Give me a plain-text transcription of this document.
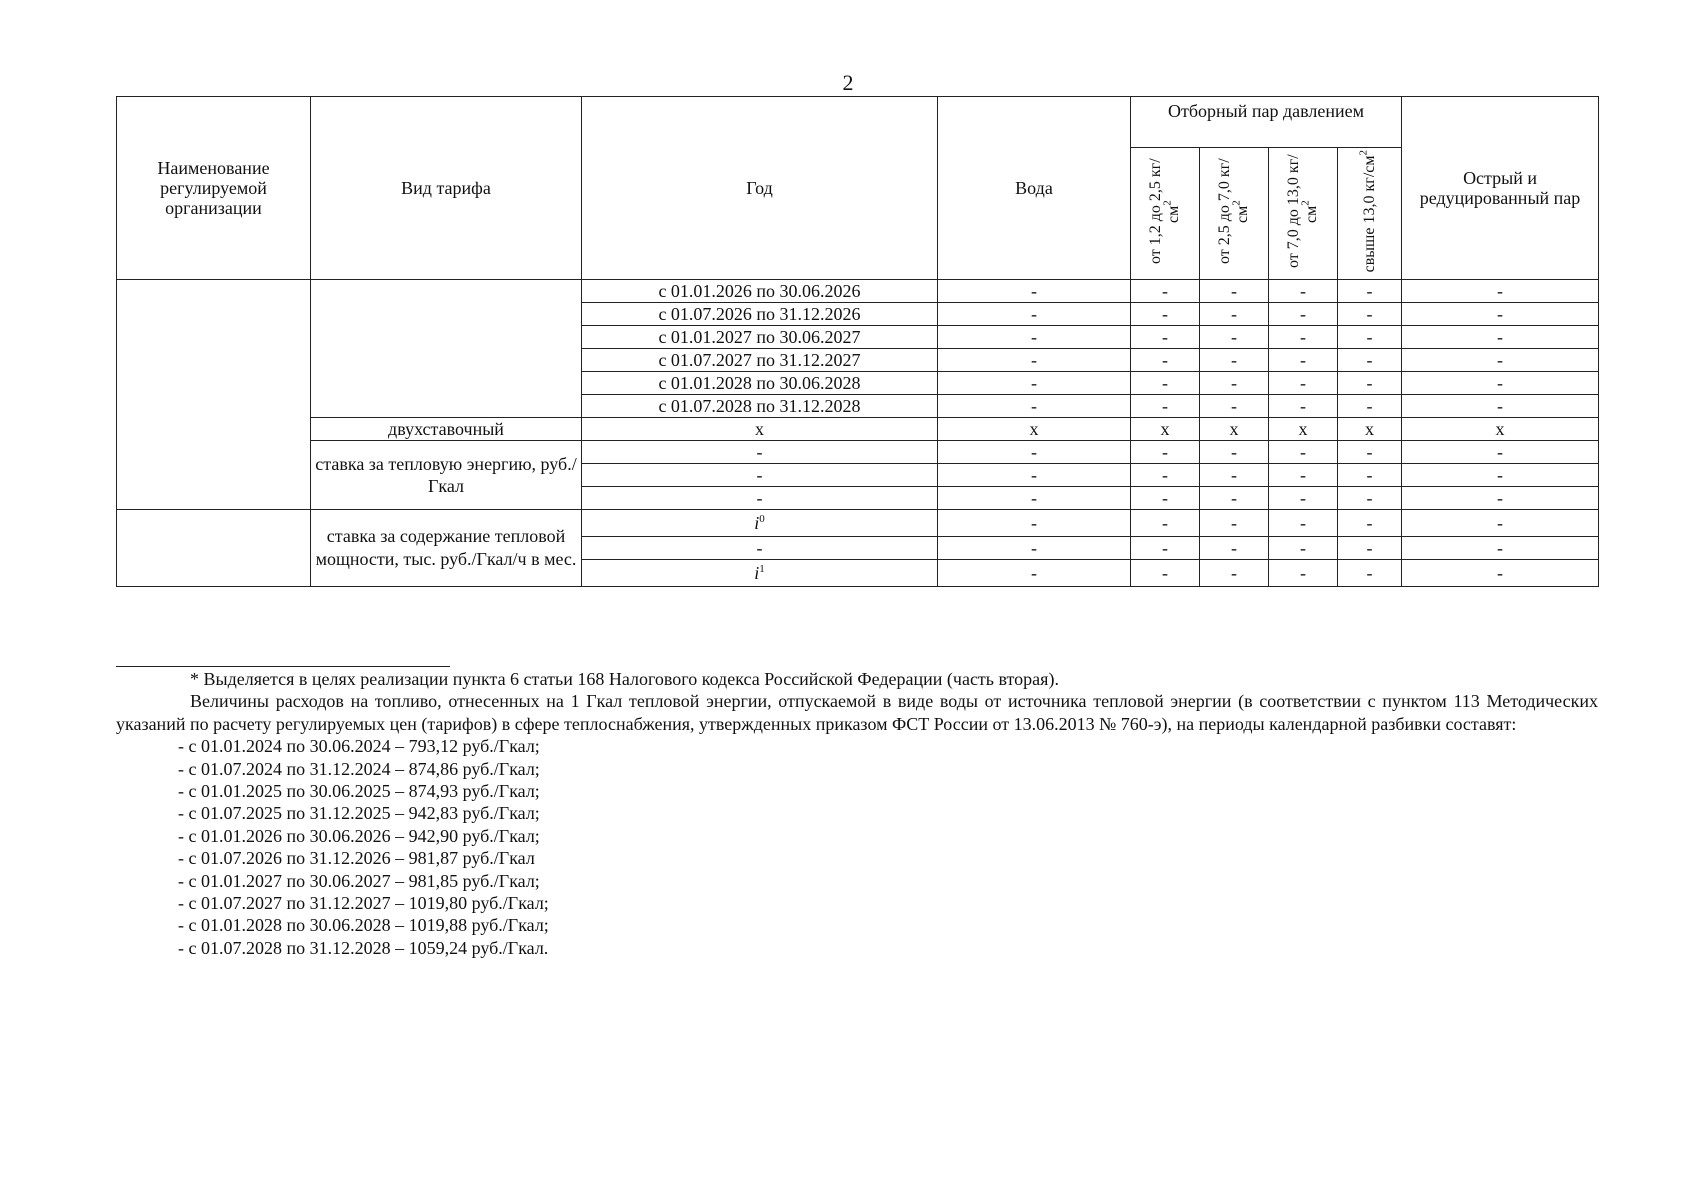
2
Наименование регулируемой организации	Вид тарифа	Год	Вода	Отборный пар давлением				Острый и редуцированный пар
				от 1,2 до 2,5 $кг/см^2$	от 2,5 до 7,0 $кг/см^2$	от 7,0 до 13,0 $кг/см^2$	свыше 13,0 $кг/см^2$
		с 01.01.2026 по 30.06.2026	-	-	-	-	-	-
		с 01.07.2026 по 31.12.2026	-	-	-	-	-	-
		с 01.01.2027 по 30.06.2027	-	-	-	-	-	-
		с 01.07.2027 по 31.12.2027	-	-	-	-	-	-
		с 01.01.2028 по 30.06.2028	-	-	-	-	-	-
		с 01.07.2028 по 31.12.2028	-	-	-	-	-	-
	двухставочный	х	х	х	х	х	х	х
	ставка за тепловую энергию, руб./Гкал	-	-	-	-	-	-	-
		-	-	-	-	-	-	-
		-	-	-	-	-	-	-
	ставка за содержание тепловой мощности, тыс. руб./Гкал/ч в мес.	$i^0$	-	-	-	-	-	-
		-	-	-	-	-	-	-
		$i^1$	-	-	-	-	-	-

* Выделяется в целях реализации пункта 6 статьи 168 Налогового кодекса Российской Федерации (часть вторая).

Величины расходов на топливо, отнесенных на 1 Гкал тепловой энергии, отпускаемой в виде воды от источника тепловой энергии (в соответствии с пунктом 113 Методических указаний по расчету регулируемых цен (тарифов) в сфере теплоснабжения, утвержденных приказом ФСТ России от 13.06.2013 № 760-э), на периоды календарной разбивки составят:

- с 01.01.2024 по 30.06.2024 – 793,12 руб./Гкал;
- с 01.07.2024 по 31.12.2024 – 874,86 руб./Гкал;
- с 01.01.2025 по 30.06.2025 – 874,93 руб./Гкал;
- с 01.07.2025 по 31.12.2025 – 942,83 руб./Гкал;
- с 01.01.2026 по 30.06.2026 – 942,90 руб./Гкал;
- с 01.07.2026 по 31.12.2026 – 981,87 руб./Гкал
- с 01.01.2027 по 30.06.2027 – 981,85 руб./Гкал;
- с 01.07.2027 по 31.12.2027 – 1019,80 руб./Гкал;
- с 01.01.2028 по 30.06.2028 – 1019,88 руб./Гкал;
- с 01.07.2028 по 31.12.2028 – 1059,24 руб./Гкал.
